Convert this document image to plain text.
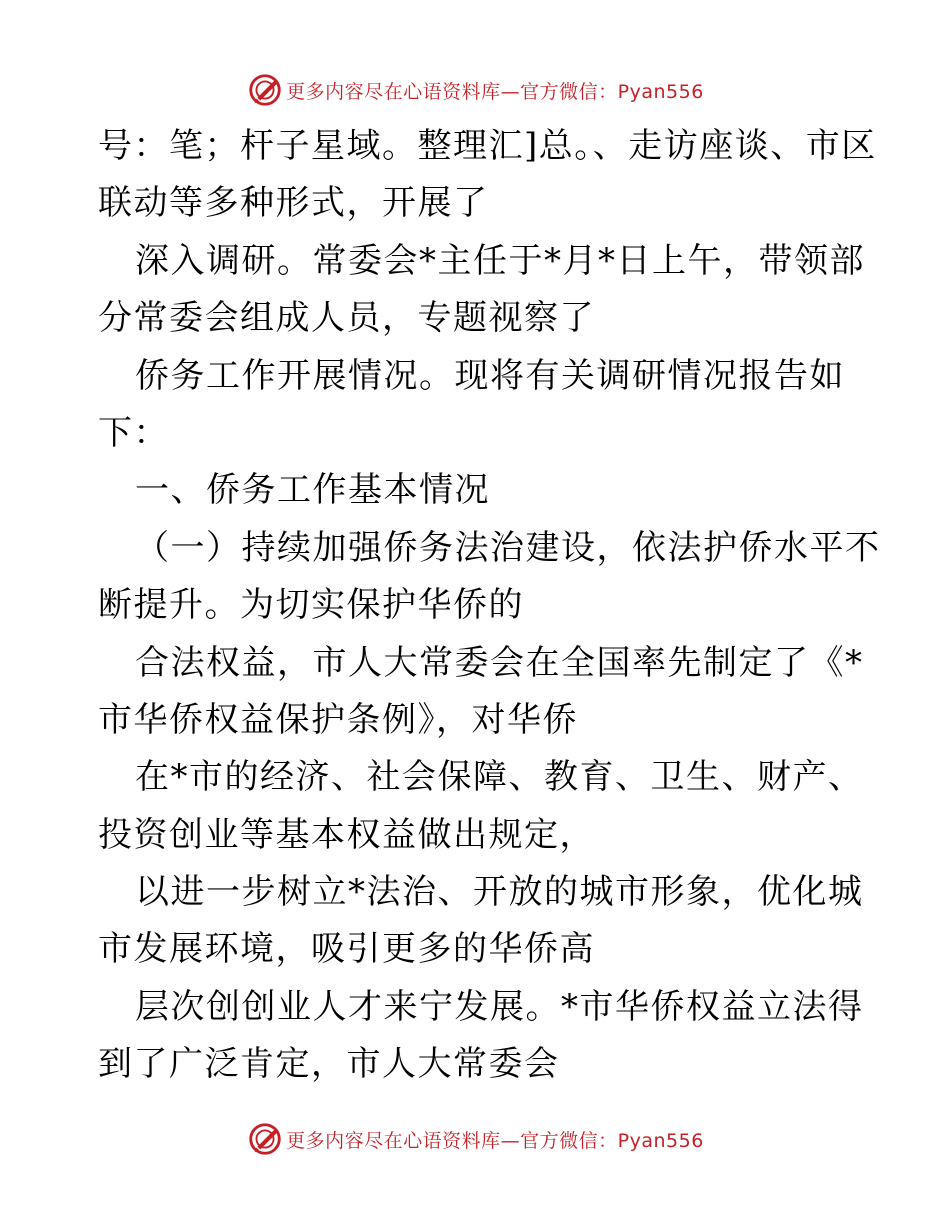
更多内容尽在心语资料库—官方微信：Pyan556
号：笔；杆子星域。整理汇]总。、走访座谈、市区
联动等多种形式，开展了
深入调研。常委会*主任于*月*日上午，带领部
分常委会组成人员，专题视察了
侨务工作开展情况。现将有关调研情况报告如
下：
一、侨务工作基本情况
（一）持续加强侨务法治建设，依法护侨水平不
断提升。为切实保护华侨的
合法权益，市人大常委会在全国率先制定了《*
市华侨权益保护条例》，对华侨
在*市的经济、社会保障、教育、卫生、财产、
投资创业等基本权益做出规定，
以进一步树立*法治、开放的城市形象，优化城
市发展环境，吸引更多的华侨高
层次创创业人才来宁发展。*市华侨权益立法得
到了广泛肯定，市人大常委会
更多内容尽在心语资料库—官方微信：Pyan556
